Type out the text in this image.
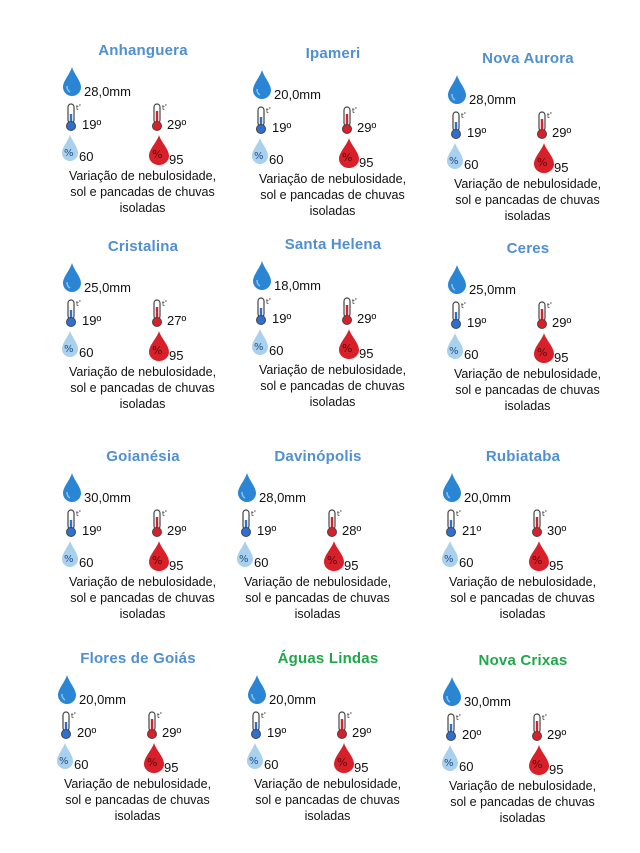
Anhanguera
28,0mm
t °
19º
t °
29º
% 60	% 95
Variação de nebulosidade,
sol e pancadas de chuvas
isoladas
Ipameri
20,0mm
t °
19º
t °
29º
% 60	% 95
Variação de nebulosidade,
sol e pancadas de chuvas
isoladas
Nova Aurora
28,0mm
t °
19º
t °
29º
% 60	% 95
Variação de nebulosidade,
sol e pancadas de chuvas
isoladas
Cristalina
25,0mm
t °
19º
t °
27º
% 60	% 95
Variação de nebulosidade,
sol e pancadas de chuvas
isoladas
Santa Helena
18,0mm
t °
19º
t °
29º
% 60	% 95
Variação de nebulosidade,
sol e pancadas de chuvas
isoladas
Ceres
25,0mm
t °
19º
t °
29º
% 60	% 95
Variação de nebulosidade,
sol e pancadas de chuvas
isoladas
Goianésia
30,0mm
t °
19º
t °
29º
% 60	% 95
Variação de nebulosidade,
sol e pancadas de chuvas
isoladas
Davinópolis
28,0mm
t °
19º
t °
28º
% 60	% 95
Variação de nebulosidade,
sol e pancadas de chuvas
isoladas
Rubiataba
20,0mm
t °
21º
t °
30º
% 60	% 95
Variação de nebulosidade,
sol e pancadas de chuvas
isoladas
Flores de Goiás
20,0mm
t °
20º
t °
29º
% 60	% 95
Variação de nebulosidade,
sol e pancadas de chuvas
isoladas
Águas Lindas
20,0mm
t °
19º
t °
29º
% 60	% 95
Variação de nebulosidade,
sol e pancadas de chuvas
isoladas
Nova Crixas
30,0mm
t °
20º
t °
29º
% 60	% 95
Variação de nebulosidade,
sol e pancadas de chuvas
isoladas
